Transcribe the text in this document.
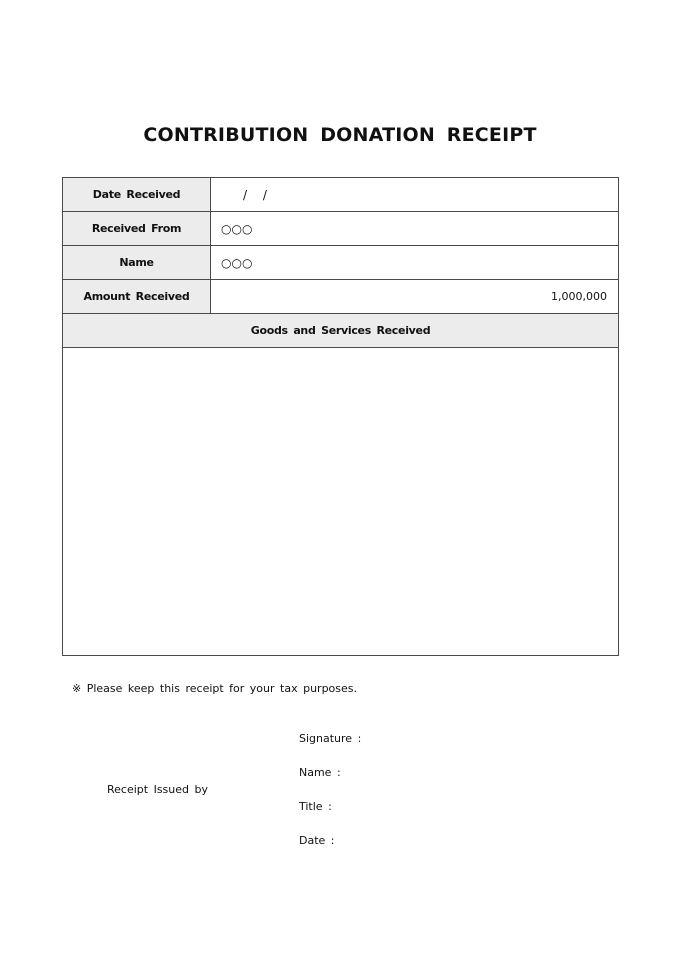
CONTRIBUTION DONATION RECEIPT
Date Received	/ /
Received From	○○○
Name	○○○
Amount Received	1,000,000
Goods and Services Received	

※ Please keep this receipt for your tax purposes.
Receipt Issued by
Signature :
Name :
Title :
Date :
